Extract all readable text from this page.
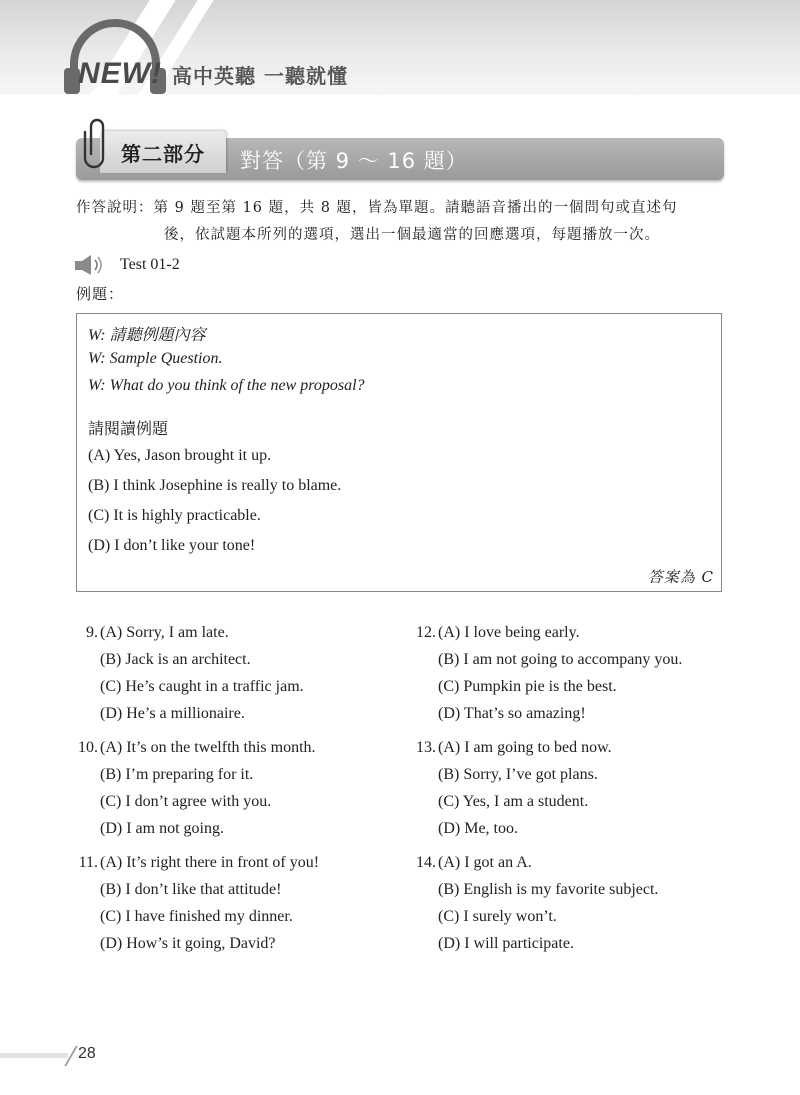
NEW! 高中英聽 一聽就懂
第二部分	對答（第 9 ～ 16 題）
作答說明：第 9 題至第 16 題，共 8 題，皆為單題。請聽語音播出的一個問句或直述句
後，依試題本所列的選項，選出一個最適當的回應選項，每題播放一次。
Test 01-2
例題：
W: 請聽例題內容
W: Sample Question.
W: What do you think of the new proposal?
請閱讀例題
(A) Yes, Jason brought it up.
(B) I think Josephine is really to blame.
(C) It is highly practicable.
(D) I don’t like your tone!
答案為 C
9. (A) Sorry, I am late.
(B) Jack is an architect.
(C) He’s caught in a traffic jam.
(D) He’s a millionaire.
10. (A) It’s on the twelfth this month.
(B) I’m preparing for it.
(C) I don’t agree with you.
(D) I am not going.
11. (A) It’s right there in front of you!
(B) I don’t like that attitude!
(C) I have finished my dinner.
(D) How’s it going, David?
12. (A) I love being early.
(B) I am not going to accompany you.
(C) Pumpkin pie is the best.
(D) That’s so amazing!
13. (A) I am going to bed now.
(B) Sorry, I’ve got plans.
(C) Yes, I am a student.
(D) Me, too.
14. (A) I got an A.
(B) English is my favorite subject.
(C) I surely won’t.
(D) I will participate.
28
